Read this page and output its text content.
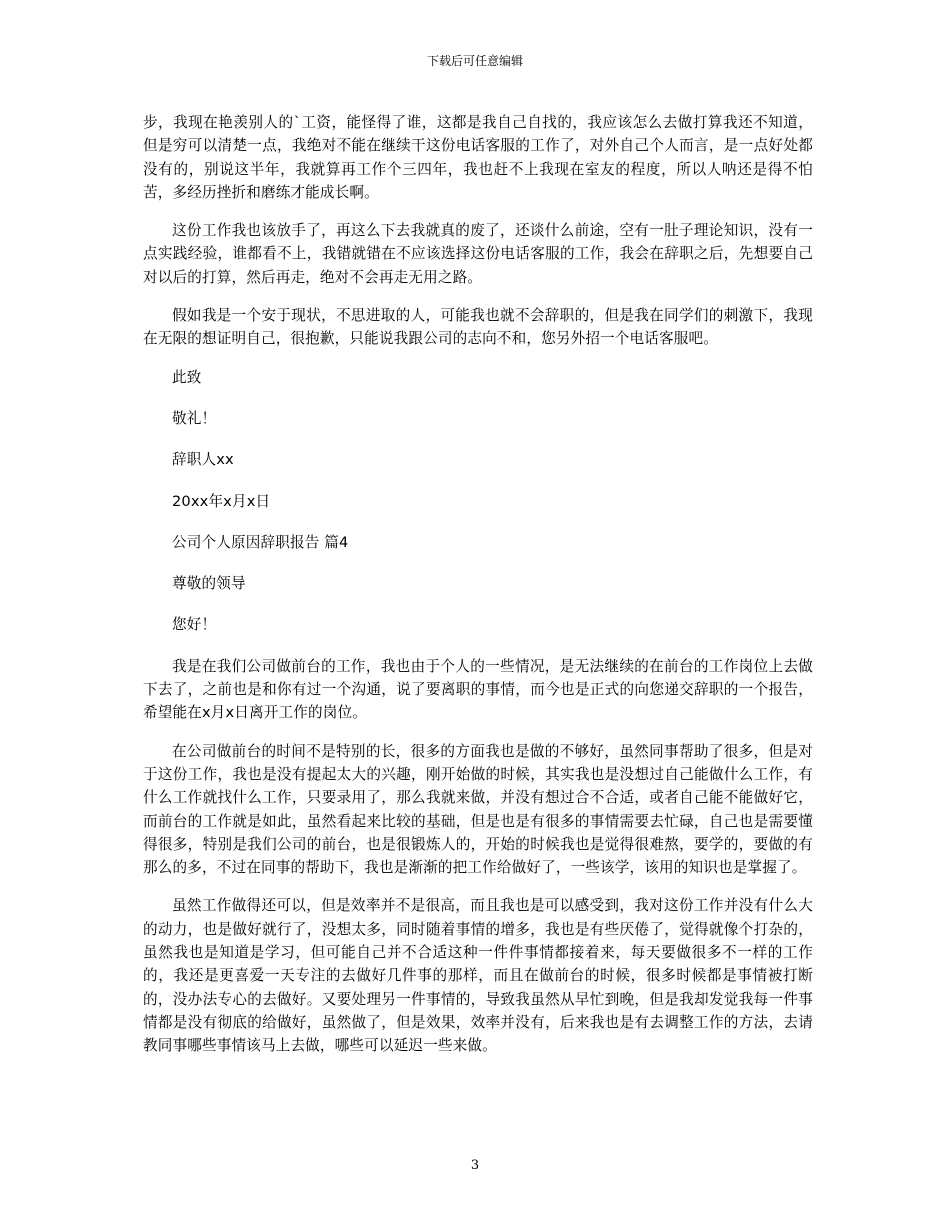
下载后可任意编辑

步，我现在艳羡别人的`工资，能怪得了谁，这都是我自己自找的，我应该怎么去做打算我还不知道，但是穷可以清楚一点，我绝对不能在继续干这份电话客服的工作了，对外自己个人而言，是一点好处都没有的，别说这半年，我就算再工作个三四年，我也赶不上我现在室友的程度，所以人呐还是得不怕苦，多经历挫折和磨练才能成长啊。

这份工作我也该放手了，再这么下去我就真的废了，还谈什么前途，空有一肚子理论知识，没有一点实践经验，谁都看不上，我错就错在不应该选择这份电话客服的工作，我会在辞职之后，先想要自己对以后的打算，然后再走，绝对不会再走无用之路。

假如我是一个安于现状，不思进取的人，可能我也就不会辞职的，但是我在同学们的刺激下，我现在无限的想证明自己，很抱歉，只能说我跟公司的志向不和，您另外招一个电话客服吧。

此致
敬礼！
辞职人xx
20xx年x月x日
公司个人原因辞职报告 篇4
尊敬的领导
您好！

我是在我们公司做前台的工作，我也由于个人的一些情况，是无法继续的在前台的工作岗位上去做下去了，之前也是和你有过一个沟通，说了要离职的事情，而今也是正式的向您递交辞职的一个报告，希望能在x月x日离开工作的岗位。

在公司做前台的时间不是特别的长，很多的方面我也是做的不够好，虽然同事帮助了很多，但是对于这份工作，我也是没有提起太大的兴趣，刚开始做的时候，其实我也是没想过自己能做什么工作，有什么工作就找什么工作，只要录用了，那么我就来做，并没有想过合不合适，或者自己能不能做好它，而前台的工作就是如此，虽然看起来比较的基础，但是也是有很多的事情需要去忙碌，自己也是需要懂得很多，特别是我们公司的前台，也是很锻炼人的，开始的时候我也是觉得很难熬，要学的，要做的有那么的多，不过在同事的帮助下，我也是渐渐的把工作给做好了，一些该学，该用的知识也是掌握了。

虽然工作做得还可以，但是效率并不是很高，而且我也是可以感受到，我对这份工作并没有什么大的动力，也是做好就行了，没想太多，同时随着事情的增多，我也是有些厌倦了，觉得就像个打杂的，虽然我也是知道是学习，但可能自己并不合适这种一件件事情都接着来，每天要做很多不一样的工作的，我还是更喜爱一天专注的去做好几件事的那样，而且在做前台的时候，很多时候都是事情被打断的，没办法专心的去做好。又要处理另一件事情的，导致我虽然从早忙到晚，但是我却发觉我每一件事情都是没有彻底的给做好，虽然做了，但是效果，效率并没有，后来我也是有去调整工作的方法，去请教同事哪些事情该马上去做，哪些可以延迟一些来做。

3
